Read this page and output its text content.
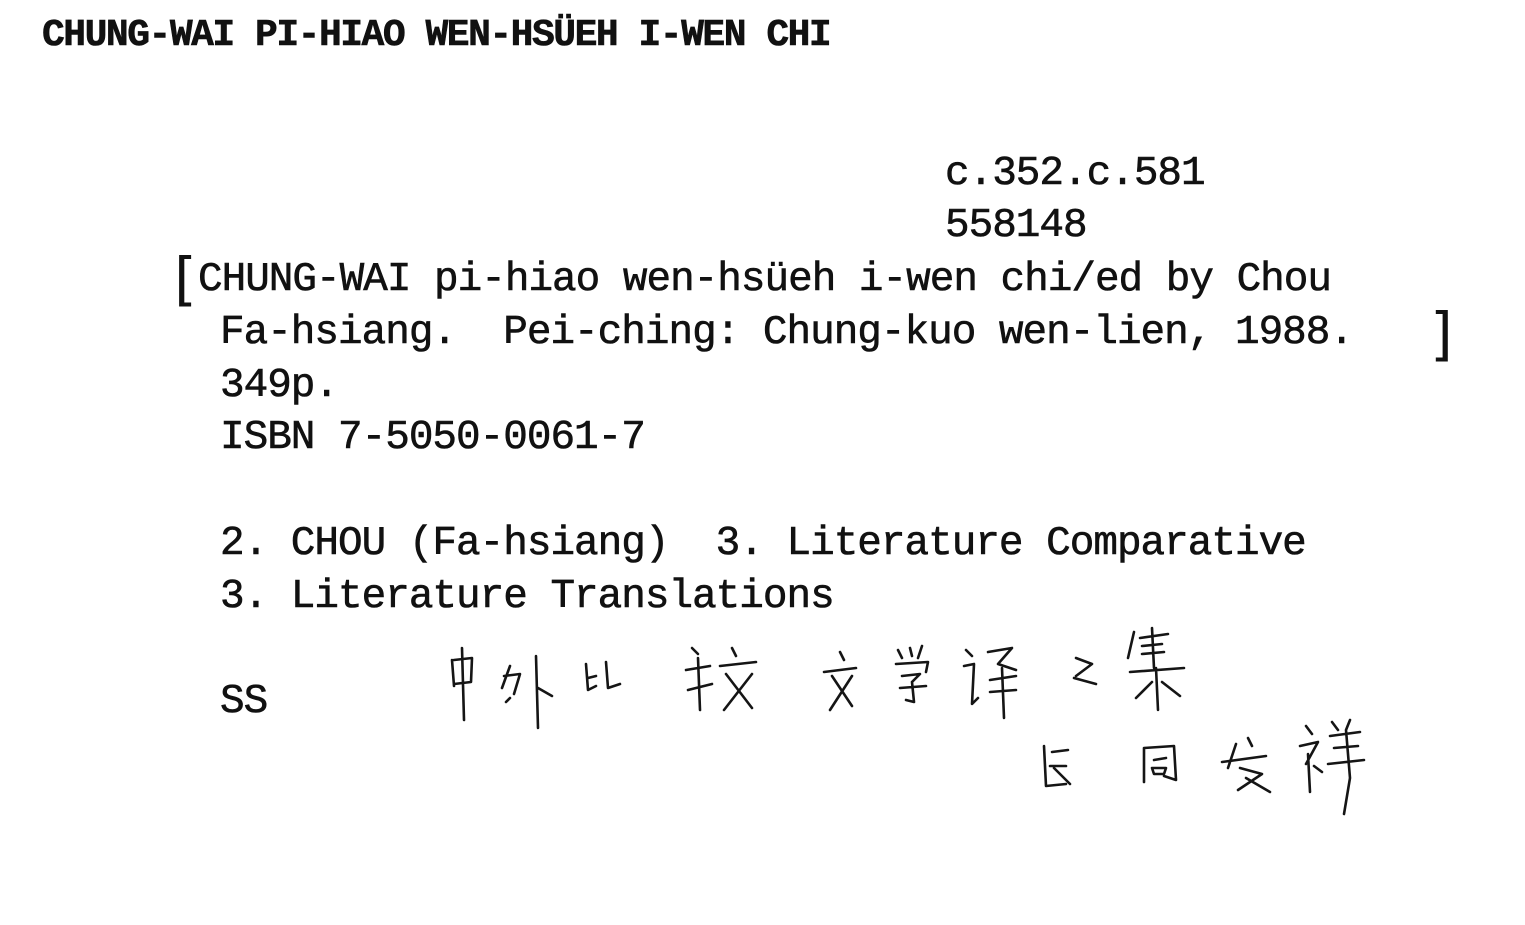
CHUNG-WAI PI-HIAO WEN-HSÜEH I-WEN CHI
c.352.c.581
558148
[
CHUNG-WAI pi-hiao wen-hsüeh i-wen chi/ed by Chou
Fa-hsiang.  Pei-ching: Chung-kuo wen-lien, 1988. ]
349p.
ISBN 7-5050-0061-7
2. CHOU (Fa-hsiang)  3. Literature Comparative
3. Literature Translations
SS
